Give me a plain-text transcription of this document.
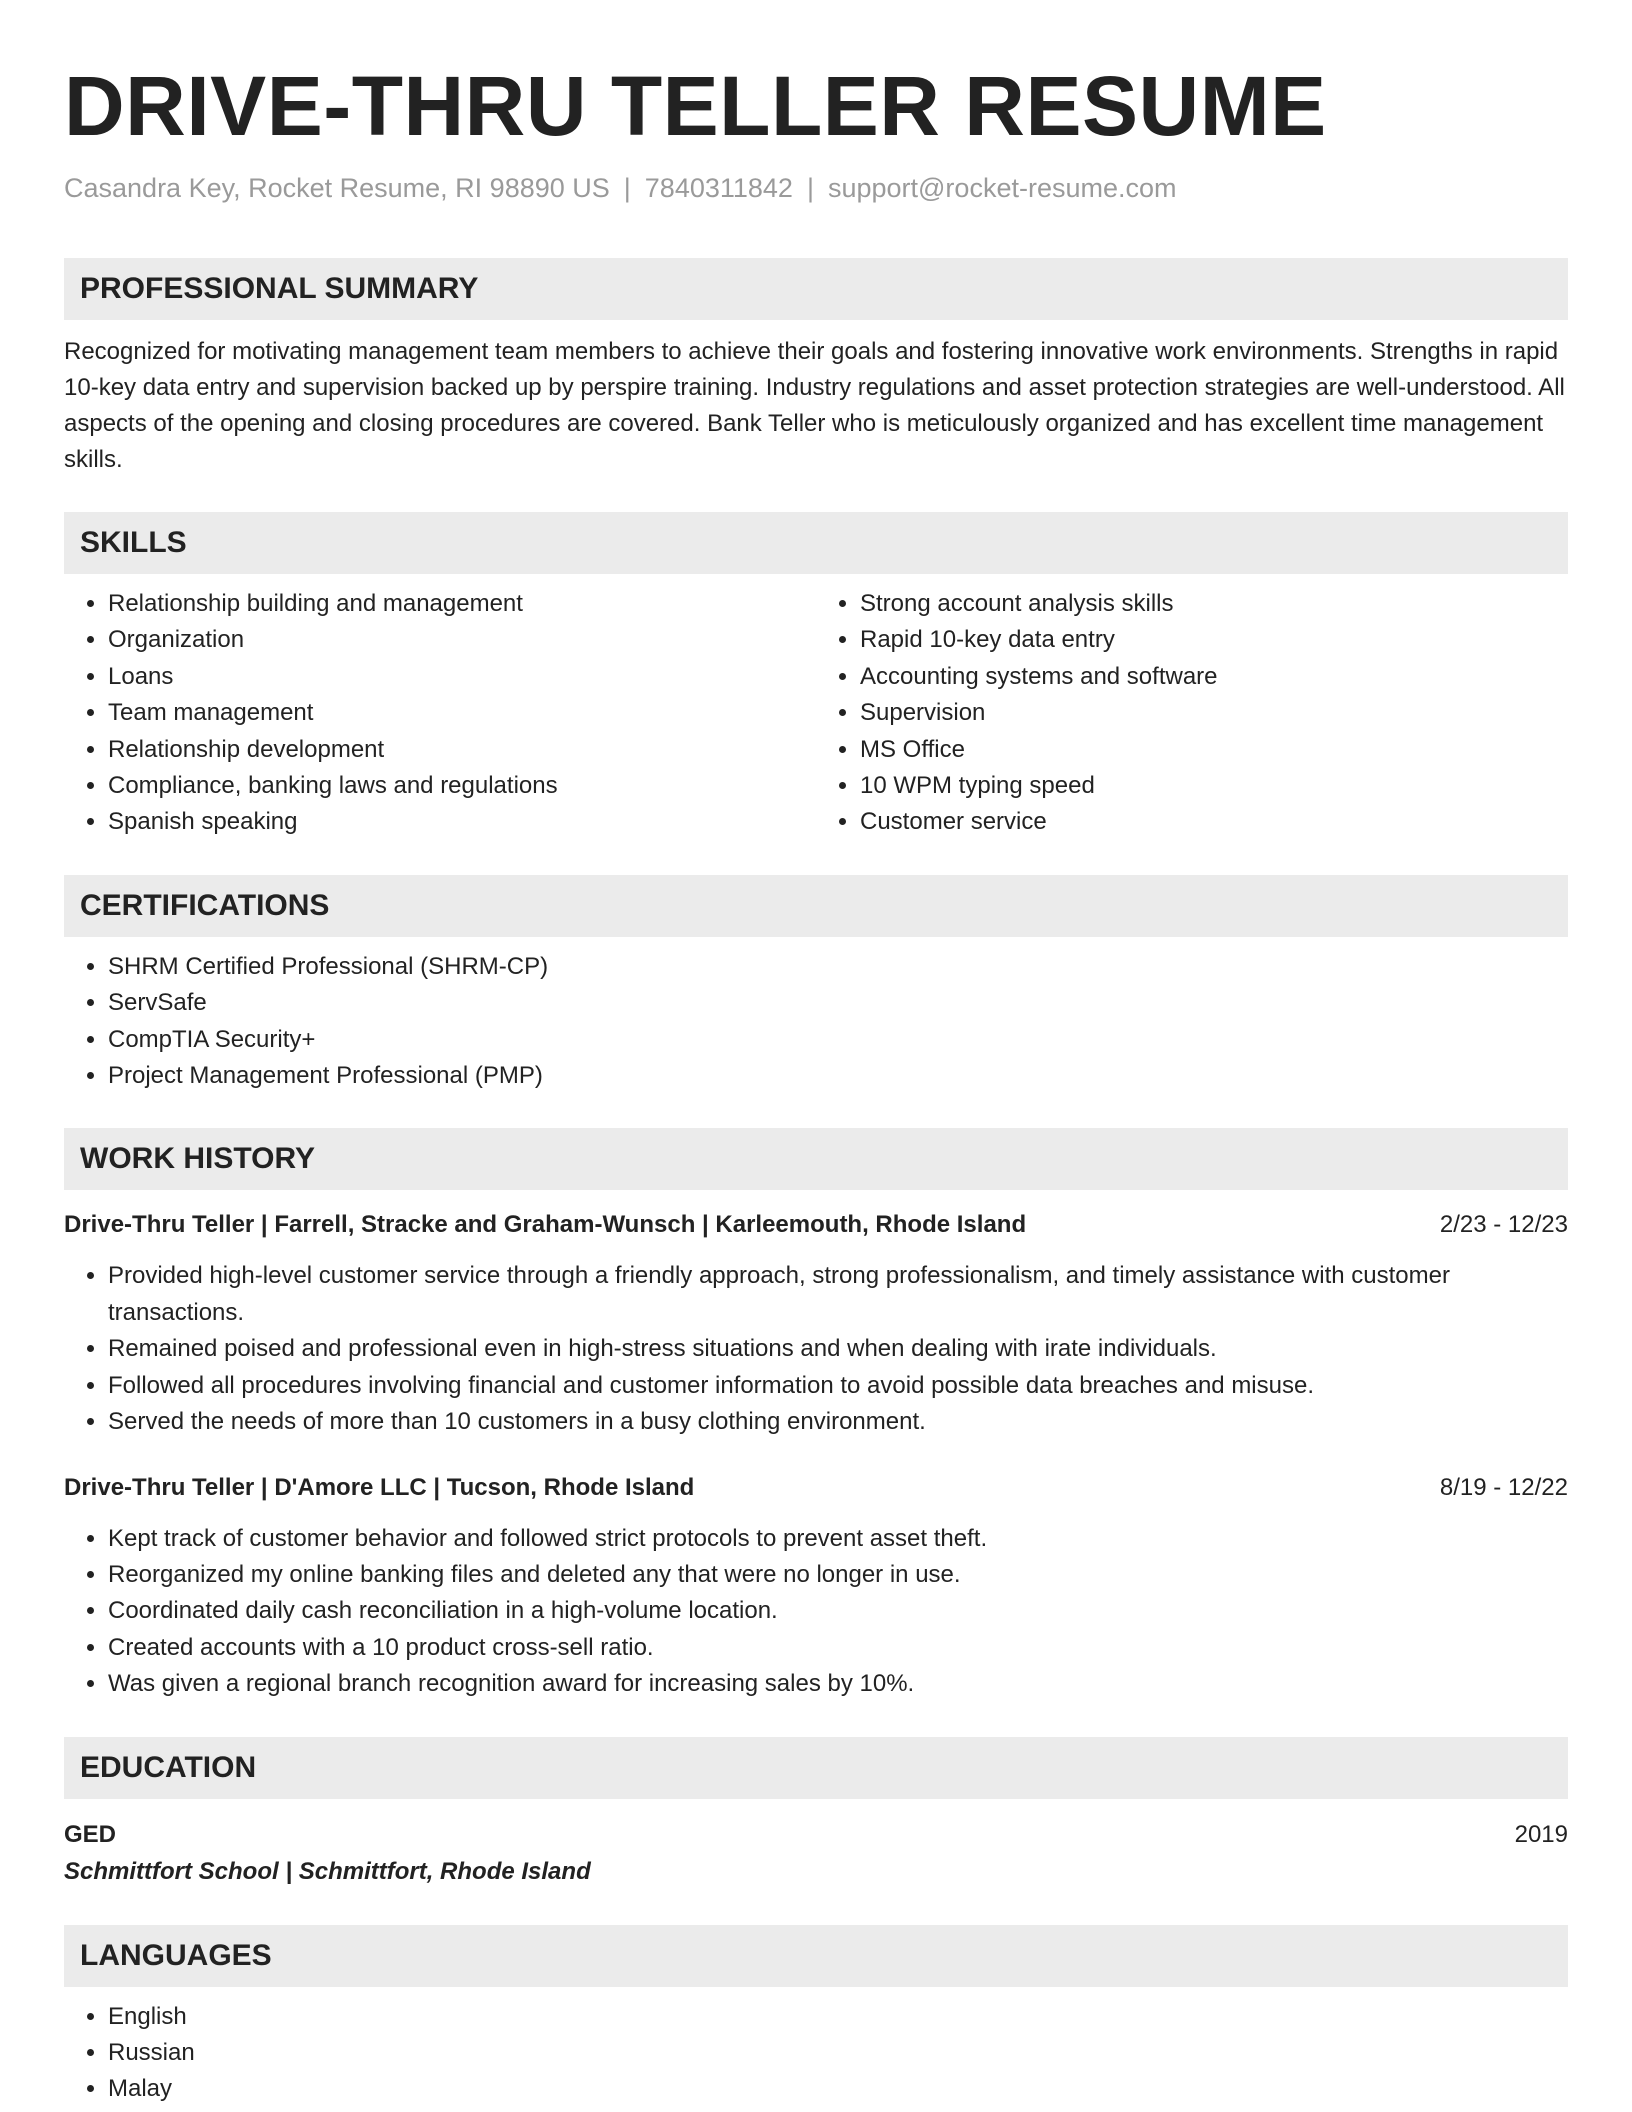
DRIVE-THRU TELLER RESUME
Casandra Key, Rocket Resume, RI 98890 US | 7840311842 | support@rocket-resume.com
PROFESSIONAL SUMMARY

Recognized for motivating management team members to achieve their goals and fostering innovative work environments. Strengths in rapid 10-key data entry and supervision backed up by perspire training. Industry regulations and asset protection strategies are well-understood. All aspects of the opening and closing procedures are covered. Bank Teller who is meticulously organized and has excellent time management skills.

SKILLS
• Relationship building and management
• Organization
• Loans
• Team management
• Relationship development
• Compliance, banking laws and regulations
• Spanish speaking
• Strong account analysis skills
• Rapid 10-key data entry
• Accounting systems and software
• Supervision
• MS Office
• 10 WPM typing speed
• Customer service
CERTIFICATIONS
• SHRM Certified Professional (SHRM-CP)
• ServSafe
• CompTIA Security+
• Project Management Professional (PMP)
WORK HISTORY
Drive-Thru Teller | Farrell, Stracke and Graham-Wunsch | Karleemouth, Rhode Island	2/23 - 12/23
• Provided high-level customer service through a friendly approach, strong professionalism, and timely assistance with customer transactions.
• Remained poised and professional even in high-stress situations and when dealing with irate individuals.
• Followed all procedures involving financial and customer information to avoid possible data breaches and misuse.
• Served the needs of more than 10 customers in a busy clothing environment.
Drive-Thru Teller | D'Amore LLC | Tucson, Rhode Island	8/19 - 12/22
• Kept track of customer behavior and followed strict protocols to prevent asset theft.
• Reorganized my online banking files and deleted any that were no longer in use.
• Coordinated daily cash reconciliation in a high-volume location.
• Created accounts with a 10 product cross-sell ratio.
• Was given a regional branch recognition award for increasing sales by 10%.
EDUCATION
GED	2019
Schmittfort School | Schmittfort, Rhode Island
LANGUAGES
• English
• Russian
• Malay
